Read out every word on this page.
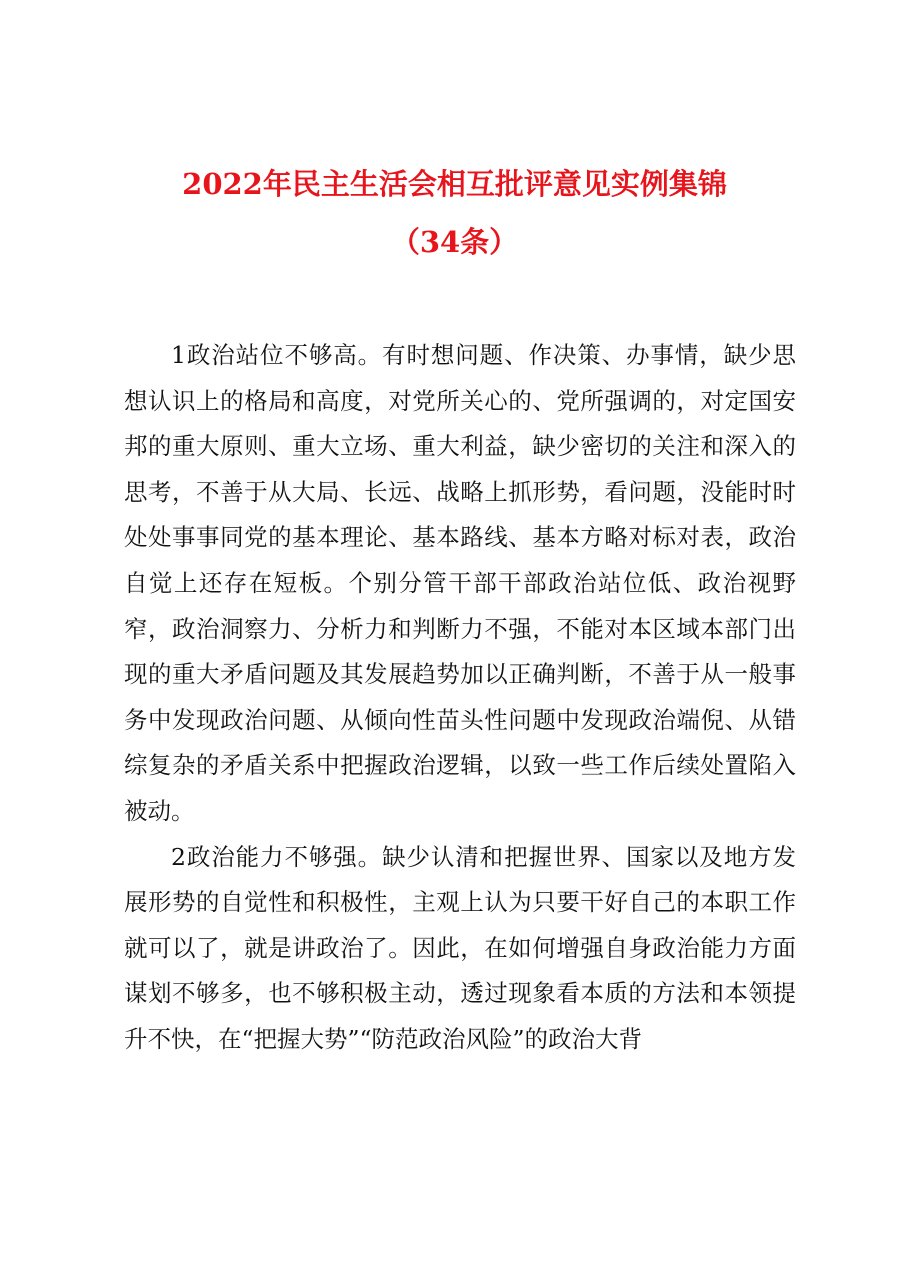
2022年民主生活会相互批评意见实例集锦
（34条）

1政治站位不够高。有时想问题、作决策、办事情，缺少思想认识上的格局和高度，对党所关心的、党所强调的，对定国安邦的重大原则、重大立场、重大利益，缺少密切的关注和深入的思考，不善于从大局、长远、战略上抓形势，看问题，没能时时处处事事同党的基本理论、基本路线、基本方略对标对表，政治自觉上还存在短板。个别分管干部干部政治站位低、政治视野窄，政治洞察力、分析力和判断力不强，不能对本区域本部门出现的重大矛盾问题及其发展趋势加以正确判断，不善于从一般事务中发现政治问题、从倾向性苗头性问题中发现政治端倪、从错综复杂的矛盾关系中把握政治逻辑，以致一些工作后续处置陷入被动。

2政治能力不够强。缺少认清和把握世界、国家以及地方发展形势的自觉性和积极性，主观上认为只要干好自己的本职工作就可以了，就是讲政治了。因此，在如何增强自身政治能力方面谋划不够多，也不够积极主动，透过现象看本质的方法和本领提升不快，在“把握大势”“防范政治风险”的政治大背
